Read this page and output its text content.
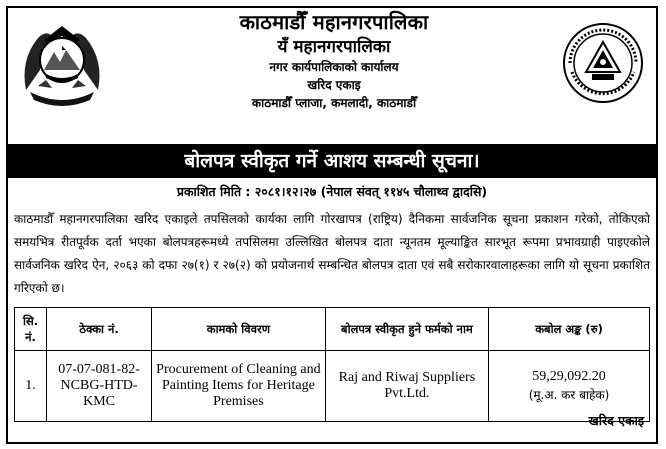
काठमाडौँ महानगरपालिका
यँ महानगरपालिका
नगर कार्यपालिकाको कार्यालय
खरिद एकाइ
काठमाडौँ प्लाजा, कमलादी, काठमाडौँ
बोलपत्र स्वीकृत गर्ने आशय सम्बन्धी सूचना।
प्रकाशित मिति : २०८१।१२।२७ (नेपाल संवत् ११४५ चौलाथ्व द्वादसि)
काठमाडौँ महानगरपालिका खरिद एकाइले तपसिलको कार्यका लागि गोरखापत्र (राष्ट्रिय) दैनिकमा सार्वजनिक सूचना प्रकाशन गरेको, तोकिएको समयभित्र रीतपूर्वक दर्ता भएका बोलपत्रहरूमध्ये तपसिलमा उल्लिखित बोलपत्र दाता न्यूनतम मूल्याङ्कित सारभूत रूपमा प्रभावग्राही पाइएकोले सार्वजनिक खरिद ऐन, २०६३ को दफा २७(१) र २७(२) को प्रयोजनार्थ सम्बन्धित बोलपत्र दाता एवं सबै सरोकारवालाहरूका लागि यो सूचना प्रकाशित गरिएको छ।
सि. नं.	ठेक्का नं.	कामको विवरण	बोलपत्र स्वीकृत हुने फर्मको नाम	कबोल अङ्क (रु)
1.	07-07-081-82-NCBG-HTD-KMC	Procurement of Cleaning and Painting Items for Heritage Premises	Raj and Riwaj Suppliers Pvt.Ltd.	59,29,092.20
(मू.अ. कर बाहेक)
खरिद एकाइ
